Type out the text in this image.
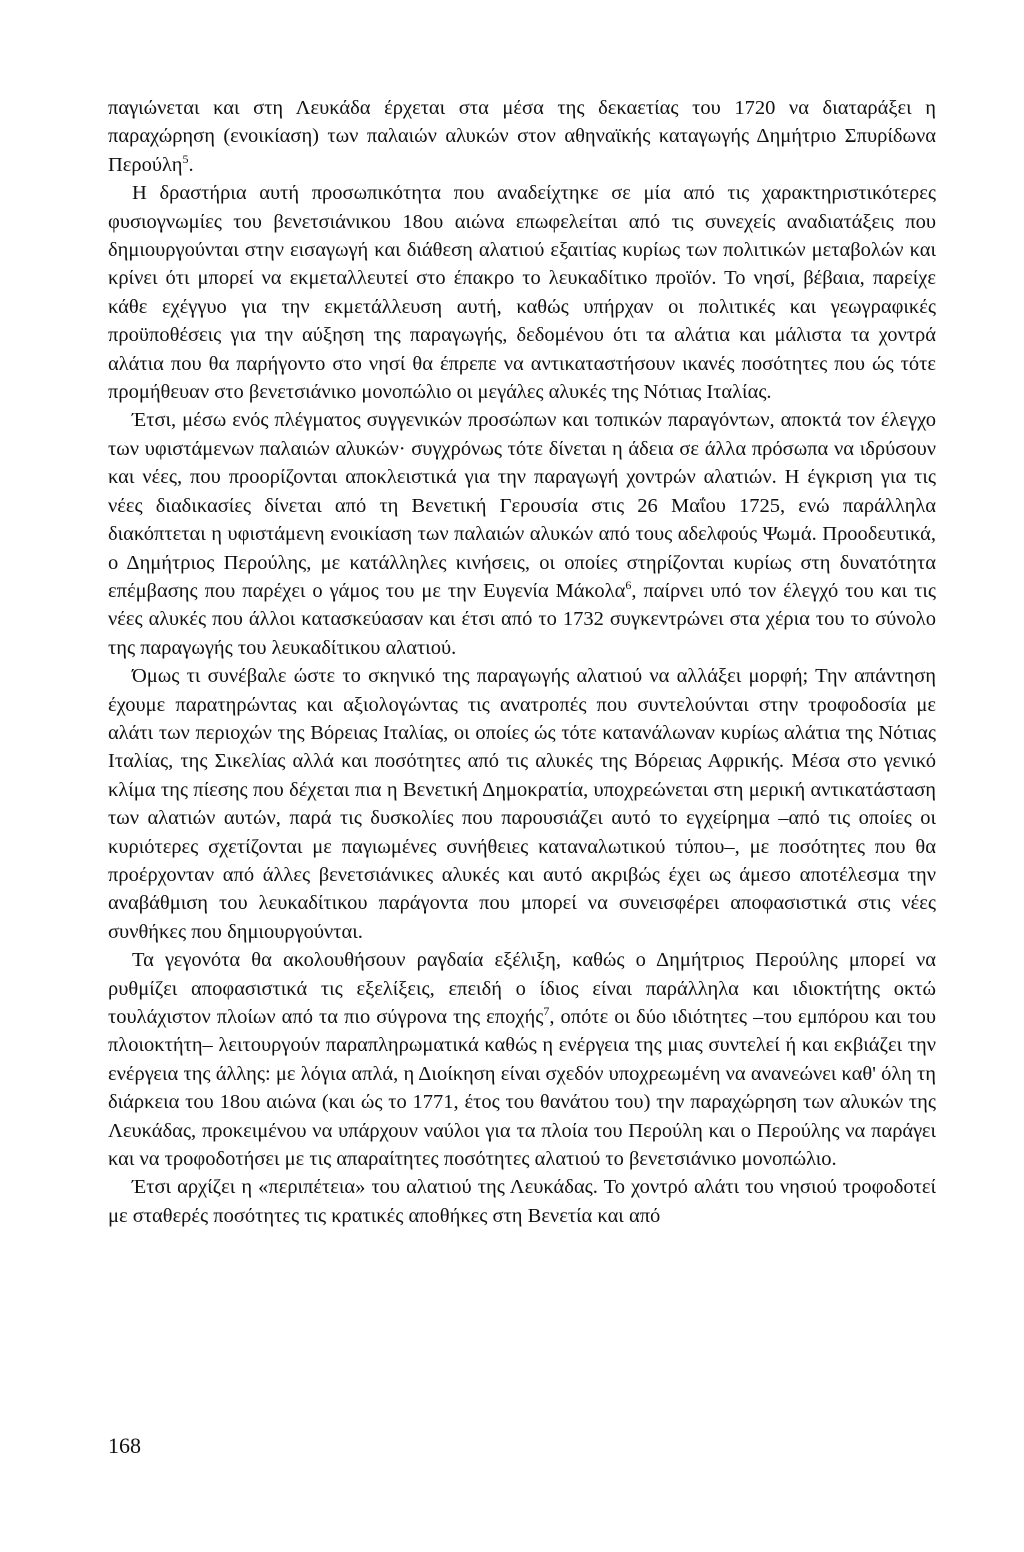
παγιώνεται και στη Λευκάδα έρχεται στα μέσα της δεκαετίας του 1720 να διαταράξει η παραχώρηση (ενοικίαση) των παλαιών αλυκών στον αθηναϊκής καταγωγής Δημήτριο Σπυρίδωνα Περούλη$^5$.

Η δραστήρια αυτή προσωπικότητα που αναδείχτηκε σε μία από τις χαρακτηριστικότερες φυσιογνωμίες του βενετσιάνικου 18ου αιώνα επωφελείται από τις συνεχείς αναδιατάξεις που δημιουργούνται στην εισαγωγή και διάθεση αλατιού εξαιτίας κυρίως των πολιτικών μεταβολών και κρίνει ότι μπορεί να εκμεταλλευτεί στο έπακρο το λευκαδίτικο προϊόν. Το νησί, βέβαια, παρείχε κάθε εχέγγυο για την εκμετάλλευση αυτή, καθώς υπήρχαν οι πολιτικές και γεωγραφικές προϋποθέσεις για την αύξηση της παραγωγής, δεδομένου ότι τα αλάτια και μάλιστα τα χοντρά αλάτια που θα παρήγοντο στο νησί θα έπρεπε να αντικαταστήσουν ικανές ποσότητες που ώς τότε προμήθευαν στο βενετσιάνικο μονοπώλιο οι μεγάλες αλυκές της Νότιας Ιταλίας.

Έτσι, μέσω ενός πλέγματος συγγενικών προσώπων και τοπικών παραγόντων, αποκτά τον έλεγχο των υφιστάμενων παλαιών αλυκών· συγχρόνως τότε δίνεται η άδεια σε άλλα πρόσωπα να ιδρύσουν και νέες, που προορίζονται αποκλειστικά για την παραγωγή χοντρών αλατιών. Η έγκριση για τις νέες διαδικασίες δίνεται από τη Βενετική Γερουσία στις 26 Μαΐου 1725, ενώ παράλληλα διακόπτεται η υφιστάμενη ενοικίαση των παλαιών αλυκών από τους αδελφούς Ψωμά. Προοδευτικά, ο Δημήτριος Περούλης, με κατάλληλες κινήσεις, οι οποίες στηρίζονται κυρίως στη δυνατότητα επέμβασης που παρέχει ο γάμος του με την Ευγενία Μάκολα$^6$, παίρνει υπό τον έλεγχό του και τις νέες αλυκές που άλλοι κατασκεύασαν και έτσι από το 1732 συγκεντρώνει στα χέρια του το σύνολο της παραγωγής του λευκαδίτικου αλατιού.

Όμως τι συνέβαλε ώστε το σκηνικό της παραγωγής αλατιού να αλλάξει μορφή; Την απάντηση έχουμε παρατηρώντας και αξιολογώντας τις ανατροπές που συντελούνται στην τροφοδοσία με αλάτι των περιοχών της Βόρειας Ιταλίας, οι οποίες ώς τότε κατανάλωναν κυρίως αλάτια της Νότιας Ιταλίας, της Σικελίας αλλά και ποσότητες από τις αλυκές της Βόρειας Αφρικής. Μέσα στο γενικό κλίμα της πίεσης που δέχεται πια η Βενετική Δημοκρατία, υποχρεώνεται στη μερική αντικατάσταση των αλατιών αυτών, παρά τις δυσκολίες που παρουσιάζει αυτό το εγχείρημα –από τις οποίες οι κυριότερες σχετίζονται με παγιωμένες συνήθειες καταναλωτικού τύπου–, με ποσότητες που θα προέρχονταν από άλλες βενετσιάνικες αλυκές και αυτό ακριβώς έχει ως άμεσο αποτέλεσμα την αναβάθμιση του λευκαδίτικου παράγοντα που μπορεί να συνεισφέρει αποφασιστικά στις νέες συνθήκες που δημιουργούνται.

Τα γεγονότα θα ακολουθήσουν ραγδαία εξέλιξη, καθώς ο Δημήτριος Περούλης μπορεί να ρυθμίζει αποφασιστικά τις εξελίξεις, επειδή ο ίδιος είναι παράλληλα και ιδιοκτήτης οκτώ τουλάχιστον πλοίων από τα πιο σύγρονα της εποχής$^7$, οπότε οι δύο ιδιότητες –του εμπόρου και του πλοιοκτήτη– λειτουργούν παραπληρωματικά καθώς η ενέργεια της μιας συντελεί ή και εκβιάζει την ενέργεια της άλλης: με λόγια απλά, η Διοίκηση είναι σχεδόν υποχρεωμένη να ανανεώνει καθ' όλη τη διάρκεια του 18ου αιώνα (και ώς το 1771, έτος του θανάτου του) την παραχώρηση των αλυκών της Λευκάδας, προκειμένου να υπάρχουν ναύλοι για τα πλοία του Περούλη και ο Περούλης να παράγει και να τροφοδοτήσει με τις απαραίτητες ποσότητες αλατιού το βενετσιάνικο μονοπώλιο.

Έτσι αρχίζει η «περιπέτεια» του αλατιού της Λευκάδας. Το χοντρό αλάτι του νησιού τροφοδοτεί με σταθερές ποσότητες τις κρατικές αποθήκες στη Βενετία και από

168
